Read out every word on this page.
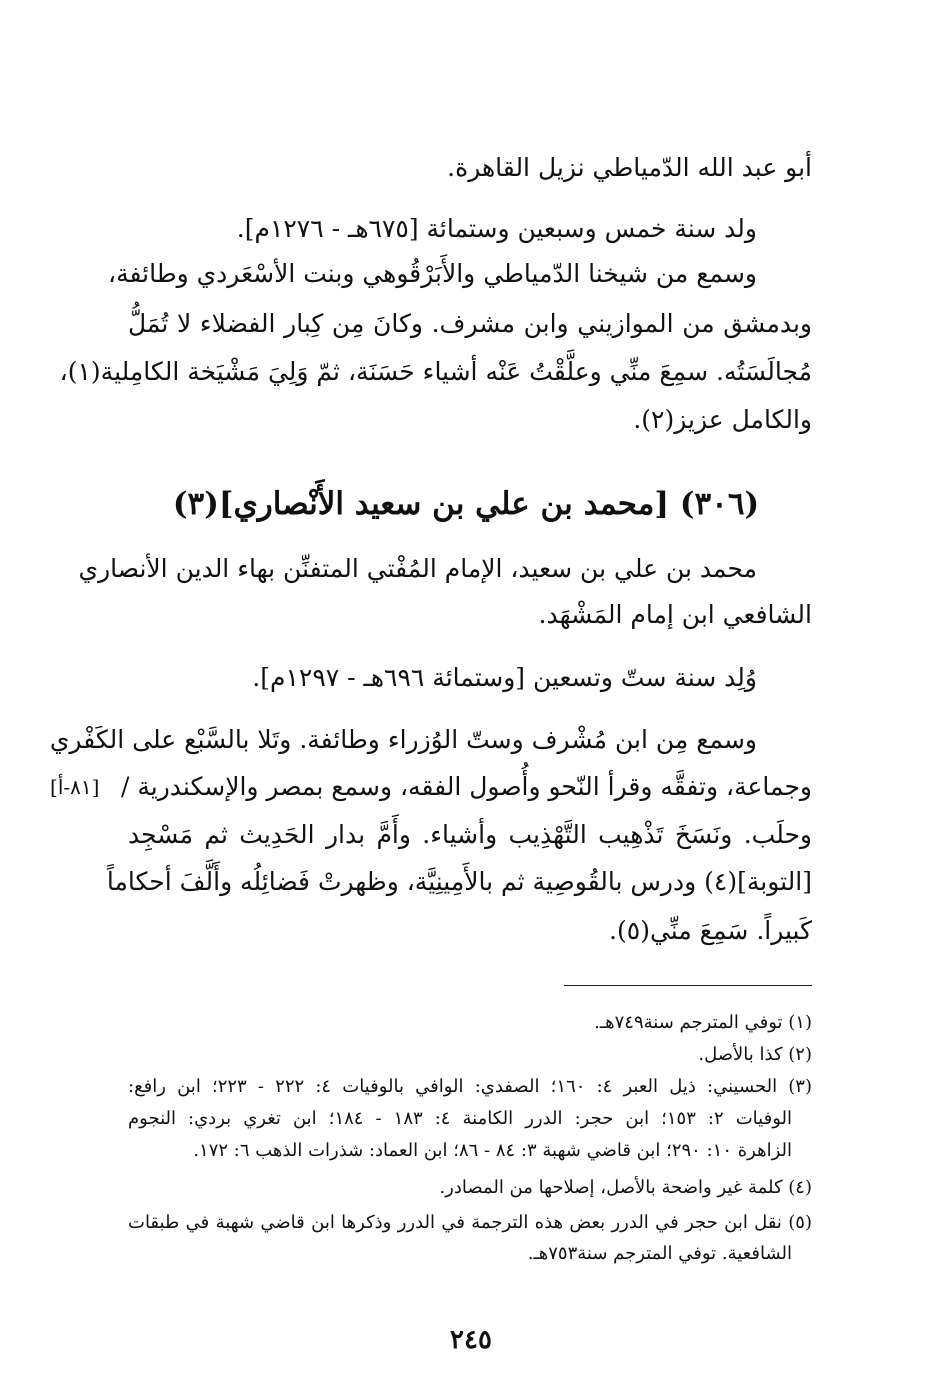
أبو عبد الله الدّمياطي نزيل القاهرة.
ولد سنة خمس وسبعين وستمائة [٦٧٥هـ - ١٢٧٦م].
وسمع من شيخنا الدّمياطي والأَبَرْقُوهي وبنت الأسْعَردي وطائفة،
وبدمشق من الموازيني وابن مشرف. وكانَ مِن كِبار الفضلاء لا تُمَلُّ
مُجالَسَتُه. سمِعَ منِّي وعلَّقْتُ عَنْه أشياء حَسَنَة، ثمّ وَلِيَ مَشْيَخة الكامِلية(١)،
والكامل عزيز(٢).
(٣٠٦) [محمد بن علي بن سعيد الأَنْصاري](٣)
محمد بن علي بن سعيد، الإمام المُفْتي المتفنِّن بهاء الدين الأنصاري
الشافعي ابن إمام المَشْهَد.
وُلِد سنة ستّ وتسعين [وستمائة ٦٩٦هـ - ١٢٩٧م].
وسمع مِن ابن مُشْرف وستّ الوُزراء وطائفة. وتَلا بالسَّبْع على الكَفْري
وجماعة، وتفقَّه وقرأ النّحو وأُصول الفقه، وسمع بمصر والإسكندرية /
وحلَب. ونَسَخَ تَذْهِيب التَّهْذِيب وأشياء. وأَمَّ بدار الحَدِيث ثم مَسْجِد
[التوبة](٤) ودرس بالقُوصِية ثم بالأَمِينِيَّة، وظهرتْ فَضائِلُه وأَلَّفَ أحكاماً
كَبيراً. سَمِعَ منِّي(٥).
[٨١-أ]
(١) توفي المترجم سنة٧٤٩هـ.
(٢) كذا بالأصل.
(٣) الحسيني: ذيل العبر ٤: ١٦٠؛ الصفدي: الوافي بالوفيات ٤: ٢٢٢ - ٢٢٣؛ ابن رافع:
الوفيات ٢: ١٥٣؛ ابن حجر: الدرر الكامنة ٤: ١٨٣ - ١٨٤؛ ابن تغري بردي: النجوم
الزاهرة ١٠: ٢٩٠؛ ابن قاضي شهبة ٣: ٨٤ - ٨٦؛ ابن العماد: شذرات الذهب ٦: ١٧٢.
(٤) كلمة غير واضحة بالأصل، إصلاحها من المصادر.
(٥) نقل ابن حجر في الدرر بعض هذه الترجمة في الدرر وذكرها ابن قاضي شهبة في طبقات
الشافعية. توفي المترجم سنة٧٥٣هـ.
٢٤٥
